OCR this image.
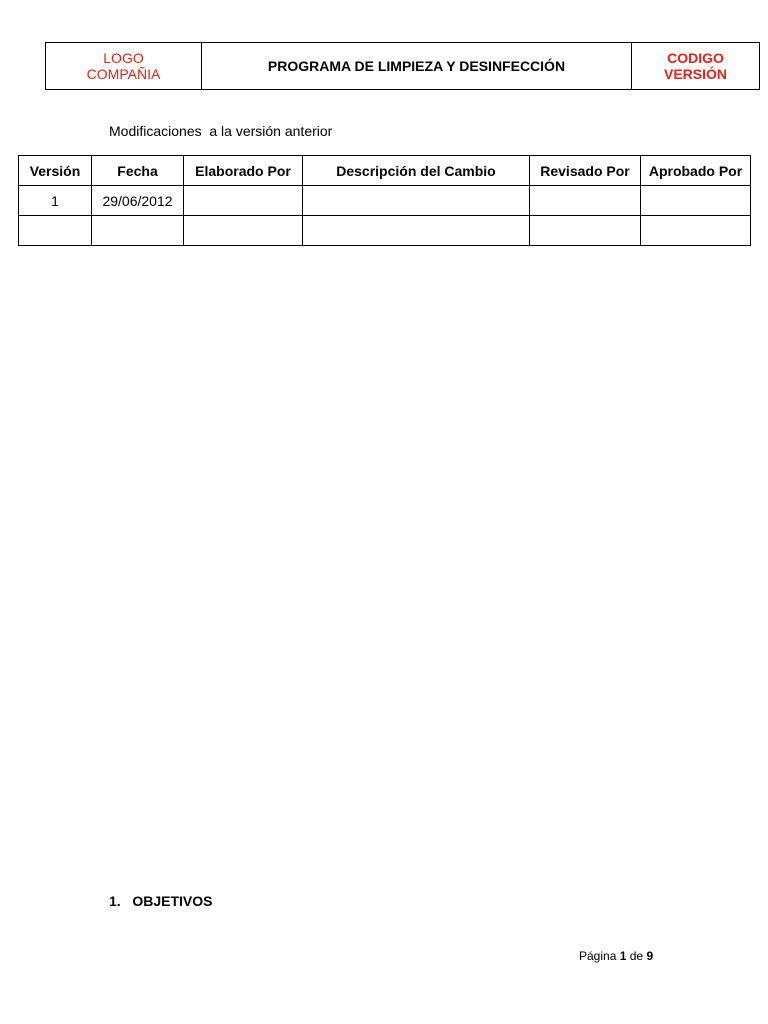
LOGO
COMPAÑIA	PROGRAMA DE LIMPIEZA Y DESINFECCIÓN	CODIGO
VERSIÓN
Modificaciones  a la versión anterior
Versión	Fecha	Elaborado Por	Descripción del Cambio	Revisado Por	Aprobado Por
1	29/06/2012				

1. OBJETIVOS
Página 1 de 9
